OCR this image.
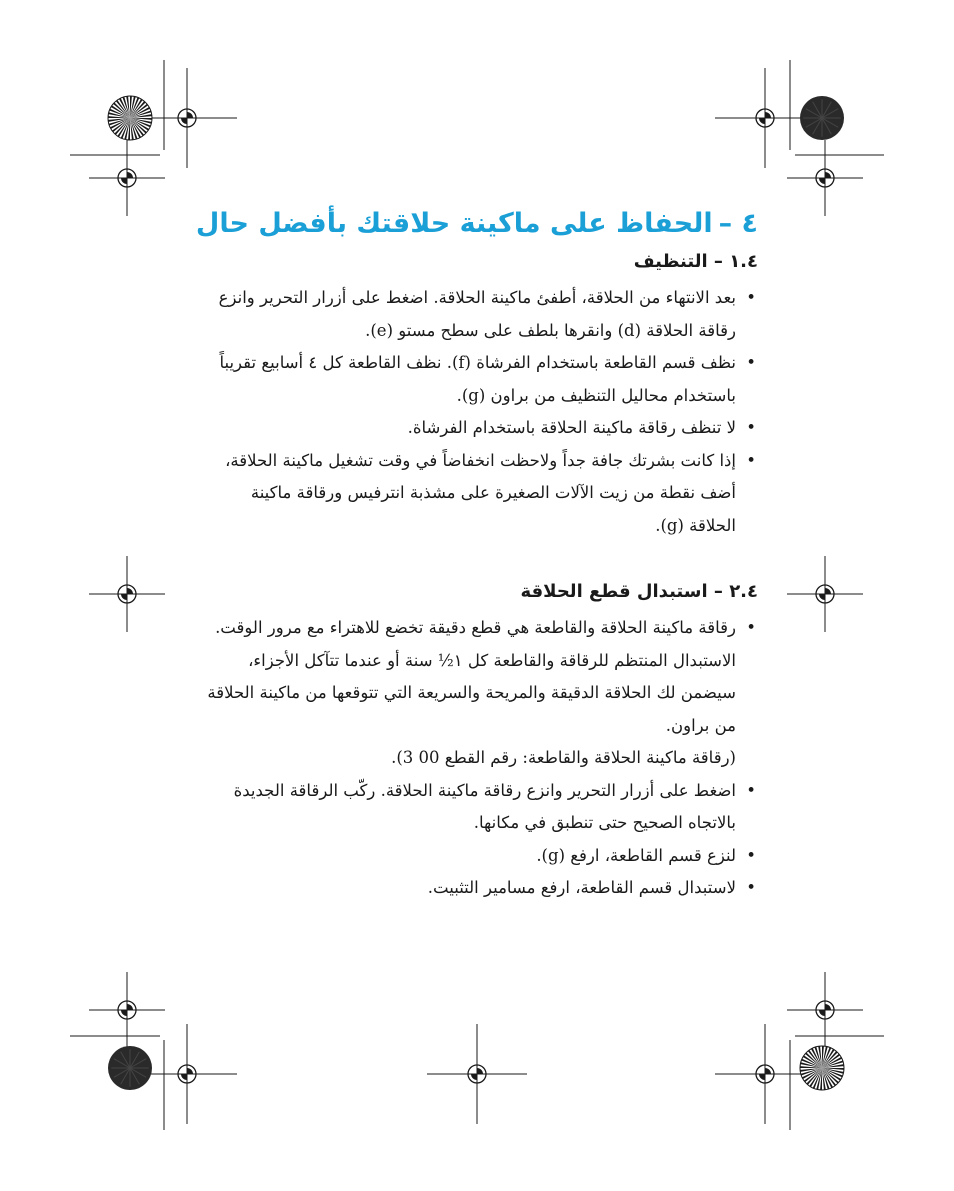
٤ –الحفاظ على ماكينة حلاقتك بأفضل حال
١.٤ – التنظيف
• بعد الانتهاء من الحلاقة، أطفئ ماكينة الحلاقة. اضغط على أزرار التحرير وانزع رقاقة الحلاقة (d) وانقرها بلطف على سطح مستو (e).
• نظف قسم القاطعة باستخدام الفرشاة (f). نظف القاطعة كل ٤ أسابيع تقريباً باستخدام محاليل التنظيف من براون (g).
• لا تنظف رقاقة ماكينة الحلاقة باستخدام الفرشاة.
• إذا كانت بشرتك جافة جداً ولاحظت انخفاضاً في وقت تشغيل ماكينة الحلاقة، أضف نقطة من زيت الآلات الصغيرة على مشذبة انترفيس ورقاقة ماكينة الحلاقة (g).
٢.٤ – استبدال قطع الحلاقة
• رقاقة ماكينة الحلاقة والقاطعة هي قطع دقيقة تخضع للاهتراء مع مرور الوقت. الاستبدال المنتظم للرقاقة والقاطعة كل ١½ سنة أو عندما تتآكل الأجزاء، سيضمن لك الحلاقة الدقيقة والمريحة والسريعة التي تتوقعها من ماكينة الحلاقة من براون.
(رقاقة ماكينة الحلاقة والقاطعة: رقم القطع 00 3).
• اضغط على أزرار التحرير وانزع رقاقة ماكينة الحلاقة. ركّب الرقاقة الجديدة بالاتجاه الصحيح حتى تنطبق في مكانها.
• لنزع قسم القاطعة، ارفع (g).
• لاستبدال قسم القاطعة، ارفع مسامير التثبيت.
